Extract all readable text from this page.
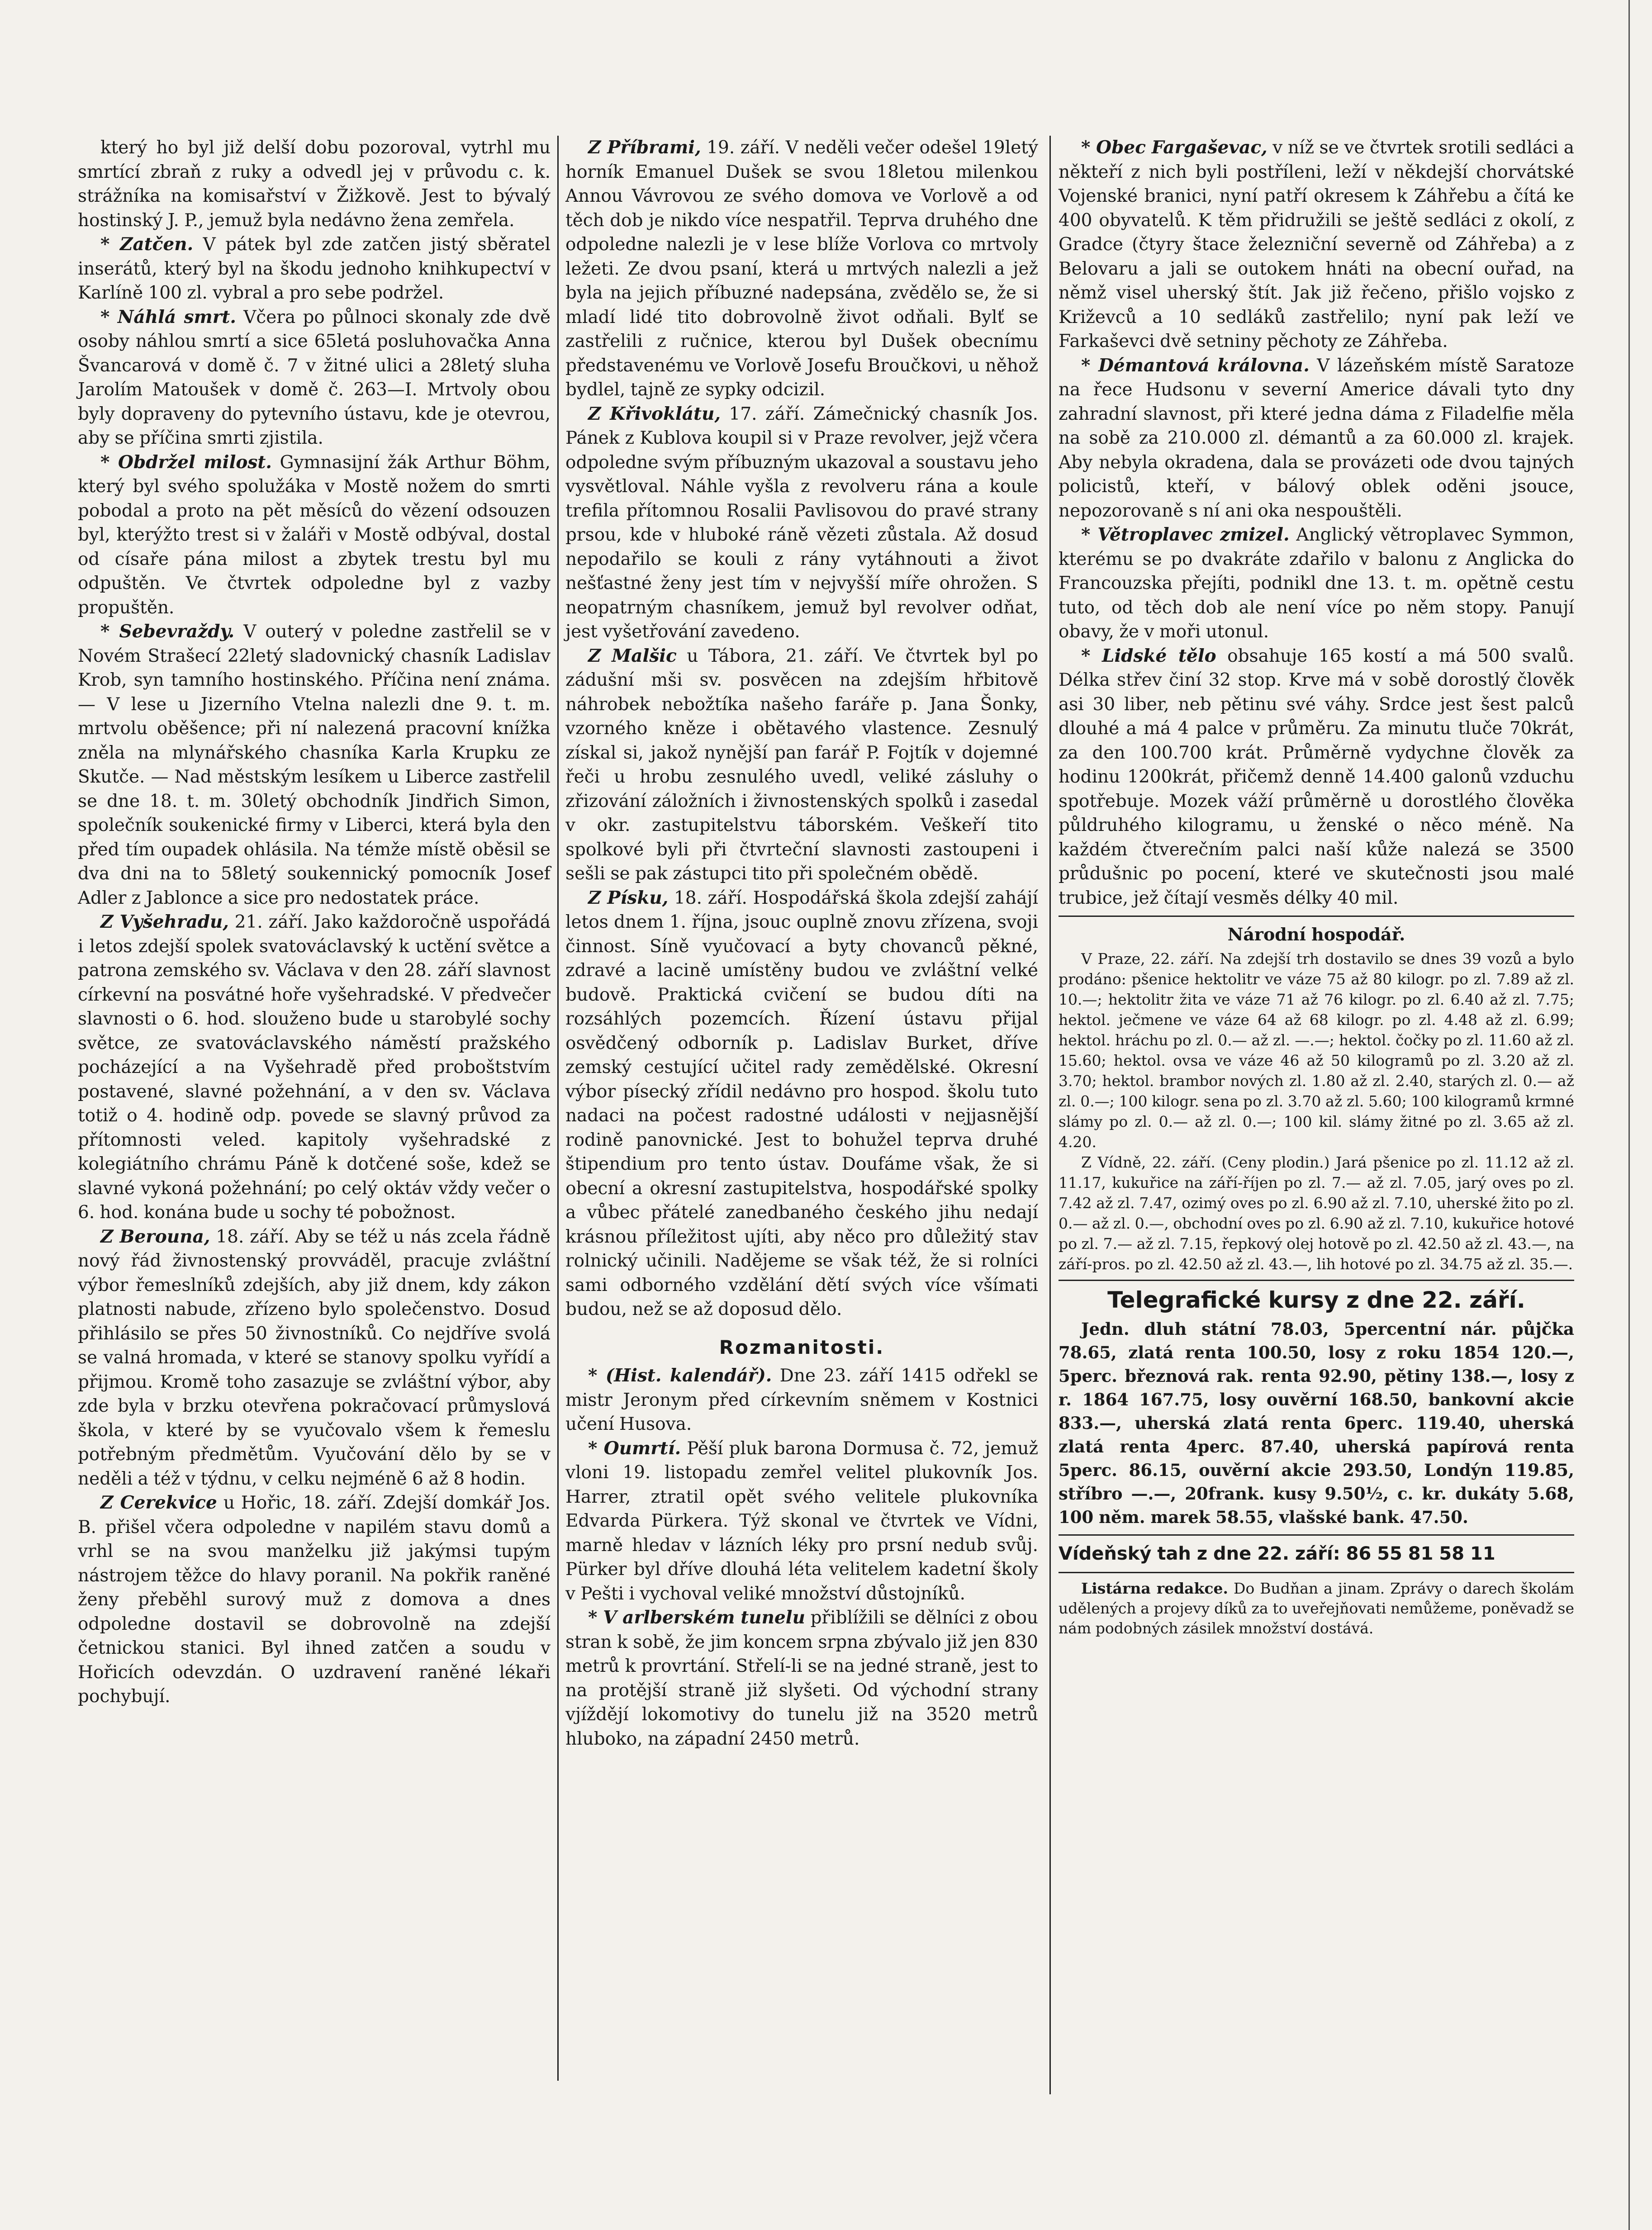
který ho byl již delší dobu pozoroval, vytrhl mu smrtící zbraň z ruky a odvedl jej v průvodu c. k. strážníka na komisařství v Žižkově. Jest to bývalý hostinský J. P., jemuž byla nedávno žena zemřela.

* Zatčen. V pátek byl zde zatčen jistý sběratel inserátů, který byl na škodu jednoho knihkupectví v Karlíně 100 zl. vybral a pro sebe podržel.

* Náhlá smrt. Včera po půlnoci skonaly zde dvě osoby náhlou smrtí a sice 65letá posluhovačka Anna Švancarová v domě č. 7 v žitné ulici a 28letý sluha Jarolím Matoušek v domě č. 263—I. Mrtvoly obou byly dopraveny do pytevního ústavu, kde je otevrou, aby se příčina smrti zjistila.

* Obdržel milost. Gymnasijní žák Arthur Böhm, který byl svého spolužáka v Mostě nožem do smrti pobodal a proto na pět měsíců do vězení odsouzen byl, kterýžto trest si v žaláři v Mostě odbýval, dostal od císaře pána milost a zbytek trestu byl mu odpuštěn. Ve čtvrtek odpoledne byl z vazby propuštěn.

* Sebevraždy. V outerý v poledne zastřelil se v Novém Strašecí 22letý sladovnický chasník Ladislav Krob, syn tamního hostinského. Příčina není známa. — V lese u Jizerního Vtelna nalezli dne 9. t. m. mrtvolu oběšence; při ní nalezená pracovní knížka zněla na mlynářského chasníka Karla Krupku ze Skutče. — Nad městským lesíkem u Liberce zastřelil se dne 18. t. m. 30letý obchodník Jindřich Simon, společník soukenické firmy v Liberci, která byla den před tím oupadek ohlásila. Na témže místě oběsil se dva dni na to 58letý soukennický pomocník Josef Adler z Jablonce a sice pro nedostatek práce.

Z Vyšehradu, 21. září. Jako každoročně uspořádá i letos zdejší spolek svatováclavský k uctění světce a patrona zemského sv. Václava v den 28. září slavnost církevní na posvátné hoře vyšehradské. V předvečer slavnosti o 6. hod. slouženo bude u starobylé sochy světce, ze svatováclavského náměstí pražského pocházející a na Vyšehradě před proboštstvím postavené, slavné požehnání, a v den sv. Václava totiž o 4. hodině odp. povede se slavný průvod za přítomnosti veled. kapitoly vyšehradské z kolegiátního chrámu Páně k dotčené soše, kdež se slavné vykoná požehnání; po celý oktáv vždy večer o 6. hod. konána bude u sochy té pobožnost.

Z Berouna, 18. září. Aby se též u nás zcela řádně nový řád živnostenský provváděl, pracuje zvláštní výbor řemeslníků zdejších, aby již dnem, kdy zákon platnosti nabude, zřízeno bylo společenstvo. Dosud přihlásilo se přes 50 živnostníků. Co nejdříve svolá se valná hromada, v které se stanovy spolku vyřídí a přijmou. Kromě toho zasazuje se zvláštní výbor, aby zde byla v brzku otevřena pokračovací průmyslová škola, v které by se vyučovalo všem k řemeslu potřebným předmětům. Vyučování dělo by se v neděli a též v týdnu, v celku nejméně 6 až 8 hodin.

Z Cerekvice u Hořic, 18. září. Zdejší domkář Jos. B. přišel včera odpoledne v napilém stavu domů a vrhl se na svou manželku již jakýmsi tupým nástrojem těžce do hlavy poranil. Na pokřik raněné ženy přeběhl surový muž z domova a dnes odpoledne dostavil se dobrovolně na zdejší četnickou stanici. Byl ihned zatčen a soudu v Hořicích odevzdán. O uzdravení raněné lékaři pochybují.

Z Příbrami, 19. září. V neděli večer odešel 19letý horník Emanuel Dušek se svou 18letou milenkou Annou Vávrovou ze svého domova ve Vorlově a od těch dob je nikdo více nespatřil. Teprva druhého dne odpoledne nalezli je v lese blíže Vorlova co mrtvoly ležeti. Ze dvou psaní, která u mrtvých nalezli a jež byla na jejich příbuzné nadepsána, zvědělo se, že si mladí lidé tito dobrovolně život odňali. Bylť se zastřelili z ručnice, kterou byl Dušek obecnímu představenému ve Vorlově Josefu Broučkovi, u něhož bydlel, tajně ze sypky odcizil.

Z Křivoklátu, 17. září. Zámečnický chasník Jos. Pánek z Kublova koupil si v Praze revolver, jejž včera odpoledne svým příbuzným ukazoval a soustavu jeho vysvětloval. Náhle vyšla z revolveru rána a koule trefila přítomnou Rosalii Pavlisovou do pravé strany prsou, kde v hluboké ráně vězeti zůstala. Až dosud nepodařilo se kouli z rány vytáhnouti a život nešťastné ženy jest tím v nejvyšší míře ohrožen. S neopatrným chasníkem, jemuž byl revolver odňat, jest vyšetřování zavedeno.

Z Malšic u Tábora, 21. září. Ve čtvrtek byl po zádušní mši sv. posvěcen na zdejším hřbitově náhrobek nebožtíka našeho faráře p. Jana Šonky, vzorného kněze i obětavého vlastence. Zesnulý získal si, jakož nynější pan farář P. Fojtík v dojemné řeči u hrobu zesnulého uvedl, veliké zásluhy o zřizování záložních i živnostenských spolků i zasedal v okr. zastupitelstvu táborském. Veškeří tito spolkové byli při čtvrteční slavnosti zastoupeni i sešli se pak zástupci tito při společném obědě.

Z Písku, 18. září. Hospodářská škola zdejší zahájí letos dnem 1. října, jsouc ouplně znovu zřízena, svoji činnost. Síně vyučovací a byty chovanců pěkné, zdravé a lacině umístěny budou ve zvláštní velké budově. Praktická cvičení se budou díti na rozsáhlých pozemcích. Řízení ústavu přijal osvědčený odborník p. Ladislav Burket, dříve zemský cestující učitel rady zemědělské. Okresní výbor písecký zřídil nedávno pro hospod. školu tuto nadaci na počest radostné události v nejjasnější rodině panovnické. Jest to bohužel teprva druhé štipendium pro tento ústav. Doufáme však, že si obecní a okresní zastupitelstva, hospodářské spolky a vůbec přátelé zanedbaného českého jihu nedají krásnou příležitost ujíti, aby něco pro důležitý stav rolnický učinili. Nadějeme se však též, že si rolníci sami odborného vzdělání dětí svých více všímati budou, než se až doposud dělo.

Rozmanitosti.

* (Hist. kalendář). Dne 23. září 1415 odřekl se mistr Jeronym před církevním sněmem v Kostnici učení Husova.

* Oumrtí. Pěší pluk barona Dormusa č. 72, jemuž vloni 19. listopadu zemřel velitel plukovník Jos. Harrer, ztratil opět svého velitele plukovníka Edvarda Pürkera. Týž skonal ve čtvrtek ve Vídni, marně hledav v lázních léky pro prsní nedub svůj. Pürker byl dříve dlouhá léta velitelem kadetní školy v Pešti i vychoval veliké množství důstojníků.

* V arlberském tunelu přiblížili se dělníci z obou stran k sobě, že jim koncem srpna zbývalo již jen 830 metrů k provrtání. Střelí-li se na jedné straně, jest to na protější straně již slyšeti. Od východní strany vjíždějí lokomotivy do tunelu již na 3520 metrů hluboko, na západní 2450 metrů.

* Obec Fargaševac, v níž se ve čtvrtek srotili sedláci a někteří z nich byli postříleni, leží v někdejší chorvátské Vojenské branici, nyní patří okresem k Záhřebu a čítá ke 400 obyvatelů. K těm přidružili se ještě sedláci z okolí, z Gradce (čtyry štace železniční severně od Záhřeba) a z Belovaru a jali se outokem hnáti na obecní ouřad, na němž visel uherský štít. Jak již řečeno, přišlo vojsko z Križevců a 10 sedláků zastřelilo; nyní pak leží ve Farkaševci dvě setniny pěchoty ze Záhřeba.

* Démantová královna. V lázeňském místě Saratoze na řece Hudsonu v severní Americe dávali tyto dny zahradní slavnost, při které jedna dáma z Filadelfie měla na sobě za 210.000 zl. démantů a za 60.000 zl. krajek. Aby nebyla okradena, dala se provázeti ode dvou tajných policistů, kteří, v bálový oblek oděni jsouce, nepozorovaně s ní ani oka nespouštěli.

* Větroplavec zmizel. Anglický větroplavec Symmon, kterému se po dvakráte zdařilo v balonu z Anglicka do Francouzska přejíti, podnikl dne 13. t. m. opětně cestu tuto, od těch dob ale není více po něm stopy. Panují obavy, že v moři utonul.

* Lidské tělo obsahuje 165 kostí a má 500 svalů. Délka střev činí 32 stop. Krve má v sobě dorostlý člověk asi 30 liber, neb pětinu své váhy. Srdce jest šest palců dlouhé a má 4 palce v průměru. Za minutu tluče 70krát, za den 100.700 krát. Průměrně vydychne člověk za hodinu 1200krát, přičemž denně 14.400 galonů vzduchu spotřebuje. Mozek váží průměrně u dorostlého člověka půldruhého kilogramu, u ženské o něco méně. Na každém čtverečním palci naší kůže nalezá se 3500 průdušnic po pocení, které ve skutečnosti jsou malé trubice, jež čítají vesměs délky 40 mil.

Národní hospodář.

V Praze, 22. září. Na zdejší trh dostavilo se dnes 39 vozů a bylo prodáno: pšenice hektolitr ve váze 75 až 80 kilogr. po zl. 7.89 až zl. 10.—; hektolitr žita ve váze 71 až 76 kilogr. po zl. 6.40 až zl. 7.75; hektol. ječmene ve váze 64 až 68 kilogr. po zl. 4.48 až zl. 6.99; hektol. hráchu po zl. 0.— až zl. —.—; hektol. čočky po zl. 11.60 až zl. 15.60; hektol. ovsa ve váze 46 až 50 kilogramů po zl. 3.20 až zl. 3.70; hektol. brambor nových zl. 1.80 až zl. 2.40, starých zl. 0.— až zl. 0.—; 100 kilogr. sena po zl. 3.70 až zl. 5.60; 100 kilogramů krmné slámy po zl. 0.— až zl. 0.—; 100 kil. slámy žitné po zl. 3.65 až zl. 4.20.

Z Vídně, 22. září. (Ceny plodin.) Jará pšenice po zl. 11.12 až zl. 11.17, kukuřice na září-říjen po zl. 7.— až zl. 7.05, jarý oves po zl. 7.42 až zl. 7.47, ozimý oves po zl. 6.90 až zl. 7.10, uherské žito po zl. 0.— až zl. 0.—, obchodní oves po zl. 6.90 až zl. 7.10, kukuřice hotové po zl. 7.— až zl. 7.15, řepkový olej hotově po zl. 42.50 až zl. 43.—, na září-pros. po zl. 42.50 až zl. 43.—, lih hotové po zl. 34.75 až zl. 35.—.

Telegrafické kursy z dne 22. září.

Jedn. dluh státní 78.03, 5percentní nár. půjčka 78.65, zlatá renta 100.50, losy z roku 1854 120.—, 5perc. březnová rak. renta 92.90, pětiny 138.—, losy z r. 1864 167.75, losy ouvěrní 168.50, bankovní akcie 833.—, uherská zlatá renta 6perc. 119.40, uherská zlatá renta 4perc. 87.40, uherská papírová renta 5perc. 86.15, ouvěrní akcie 293.50, Londýn 119.85, stříbro —.—, 20frank. kusy 9.50½, c. kr. dukáty 5.68, 100 něm. marek 58.55, vlašské bank. 47.50.

Vídeňský tah z dne 22. září: 86 55 81 58 11

Listárna redakce. Do Budňan a jinam. Zprávy o darech školám udělených a projevy díků za to uveřejňovati nemůžeme, poněvadž se nám podobných zásilek množství dostává.
